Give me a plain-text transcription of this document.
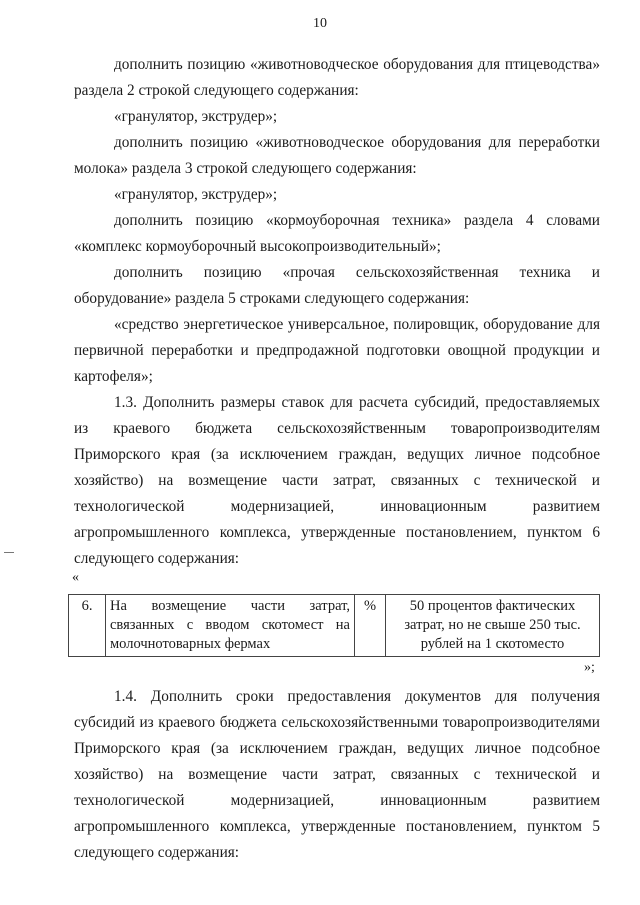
10

дополнить позицию «животноводческое оборудования для птицеводства» раздела 2 строкой следующего содержания:

«гранулятор, экструдер»;

дополнить позицию «животноводческое оборудования для переработки молока» раздела 3 строкой следующего содержания:

«гранулятор, экструдер»;

дополнить позицию «кормоуборочная техника» раздела 4 словами «комплекс кормоуборочный высокопроизводительный»;

дополнить позицию «прочая сельскохозяйственная техника и оборудование» раздела 5 строками следующего содержания:

«средство энергетическое универсальное, полировщик, оборудование для первичной переработки и предпродажной подготовки овощной продукции и картофеля»;

1.3. Дополнить размеры ставок для расчета субсидий, предоставляемых из краевого бюджета сельскохозяйственным товаропроизводителям Приморского края (за исключением граждан, ведущих личное подсобное хозяйство) на возмещение части затрат, связанных с технической и технологической модернизацией, инновационным развитием агропромышленного комплекса, утвержденные постановлением, пунктом 6 следующего содержания:

«
6.	На возмещение части затрат, связанных с вводом скотомест на молочнотоварных фермах	%	50 процентов фактических затрат, но не свыше 250 тыс. рублей на 1 скотоместо
»;

1.4. Дополнить сроки предоставления документов для получения субсидий из краевого бюджета сельскохозяйственными товаропроизводителями Приморского края (за исключением граждан, ведущих личное подсобное хозяйство) на возмещение части затрат, связанных с технической и технологической модернизацией, инновационным развитием агропромышленного комплекса, утвержденные постановлением, пунктом 5 следующего содержания:
